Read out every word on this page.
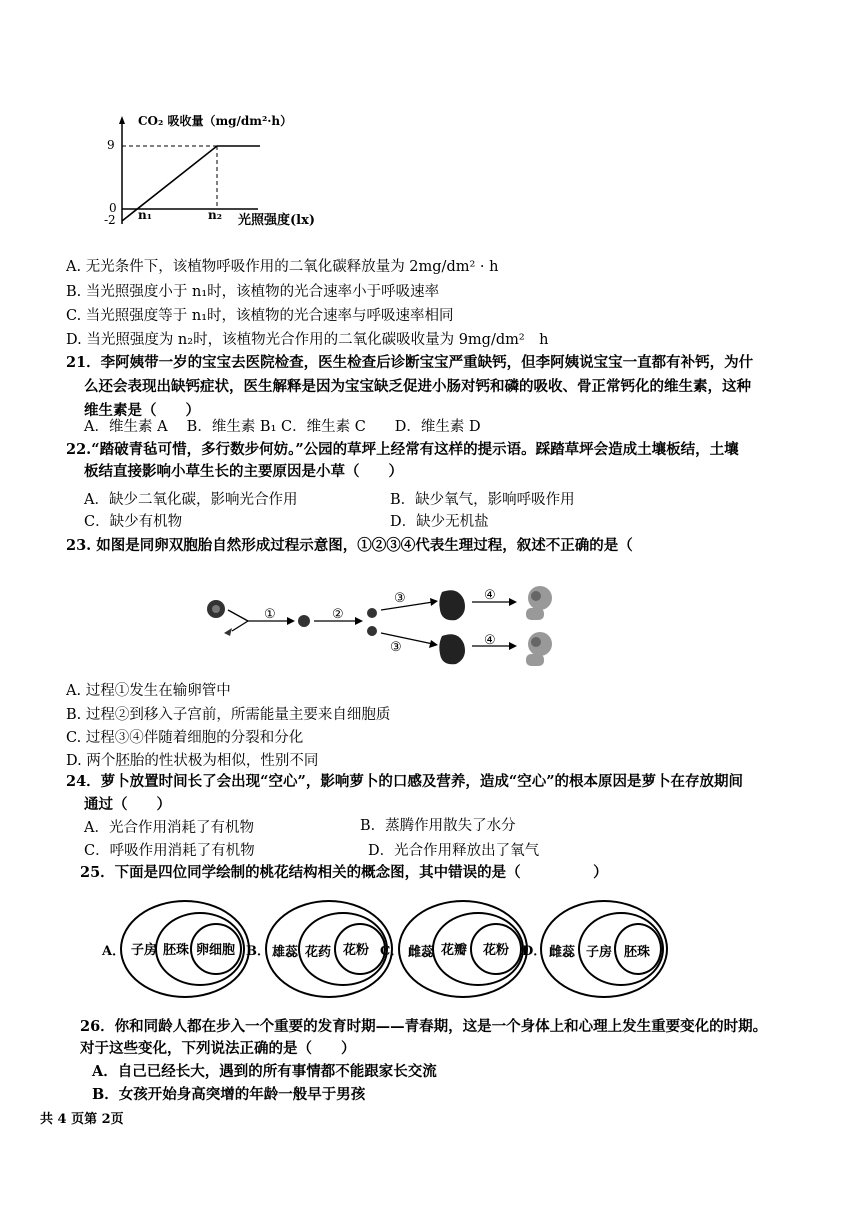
CO₂ 吸收量（mg/dm²·h）
9
0
-2 n₁	n₂ 光照强度(lx)
A. 无光条件下，该植物呼吸作用的二氧化碳释放量为 2mg/dm² · h
B. 当光照强度小于 n₁时，该植物的光合速率小于呼吸速率
C. 当光照强度等于 n₁时，该植物的光合速率与呼吸速率相同
D. 当光照强度为 n₂时，该植物光合作用的二氧化碳吸收量为 9mg/dm²　h
21．李阿姨带一岁的宝宝去医院检查，医生检查后诊断宝宝严重缺钙，但李阿姨说宝宝一直都有补钙，为什
么还会表现出缺钙症状，医生解释是因为宝宝缺乏促进小肠对钙和磷的吸收、骨正常钙化的维生素，这种
维生素是（　　）
A．维生素 A　 B．维生素 B₁ C．维生素 C　　D．维生素 D
22.“踏破青毡可惜，多行数步何妨。”公园的草坪上经常有这样的提示语。踩踏草坪会造成土壤板结，土壤
板结直接影响小草生长的主要原因是小草（　　）
A．缺少二氧化碳，影响光合作用	B．缺少氧气，影响呼吸作用
C．缺少有机物	D．缺少无机盐
23. 如图是同卵双胞胎自然形成过程示意图，①②③④代表生理过程，叙述不正确的是（
①	②
③	④
③	④
A. 过程①发生在输卵管中
B. 过程②到移入子宫前，所需能量主要来自细胞质
C. 过程③④伴随着细胞的分裂和分化
D. 两个胚胎的性状极为相似，性别不同
24．萝卜放置时间长了会出现“空心”，影响萝卜的口感及营养，造成“空心”的根本原因是萝卜在存放期间
通过（　　）
A．光合作用消耗了有机物	B．蒸腾作用散失了水分
C．呼吸作用消耗了有机物	D．光合作用释放出了氧气
25．下面是四位同学绘制的桃花结构相关的概念图，其中错误的是（　　　　　）
A． 子房 胚珠 卵细胞 B． 雄蕊 花药 花粉 C． 雌蕊 花瓣 花粉 D． 雌蕊 子房 胚珠
26．你和同龄人都在步入一个重要的发育时期——青春期，这是一个身体上和心理上发生重要变化的时期。
对于这些变化，下列说法正确的是（　　）
A．自己已经长大，遇到的所有事情都不能跟家长交流
B．女孩开始身高突增的年龄一般早于男孩
共 4 页第 2页
